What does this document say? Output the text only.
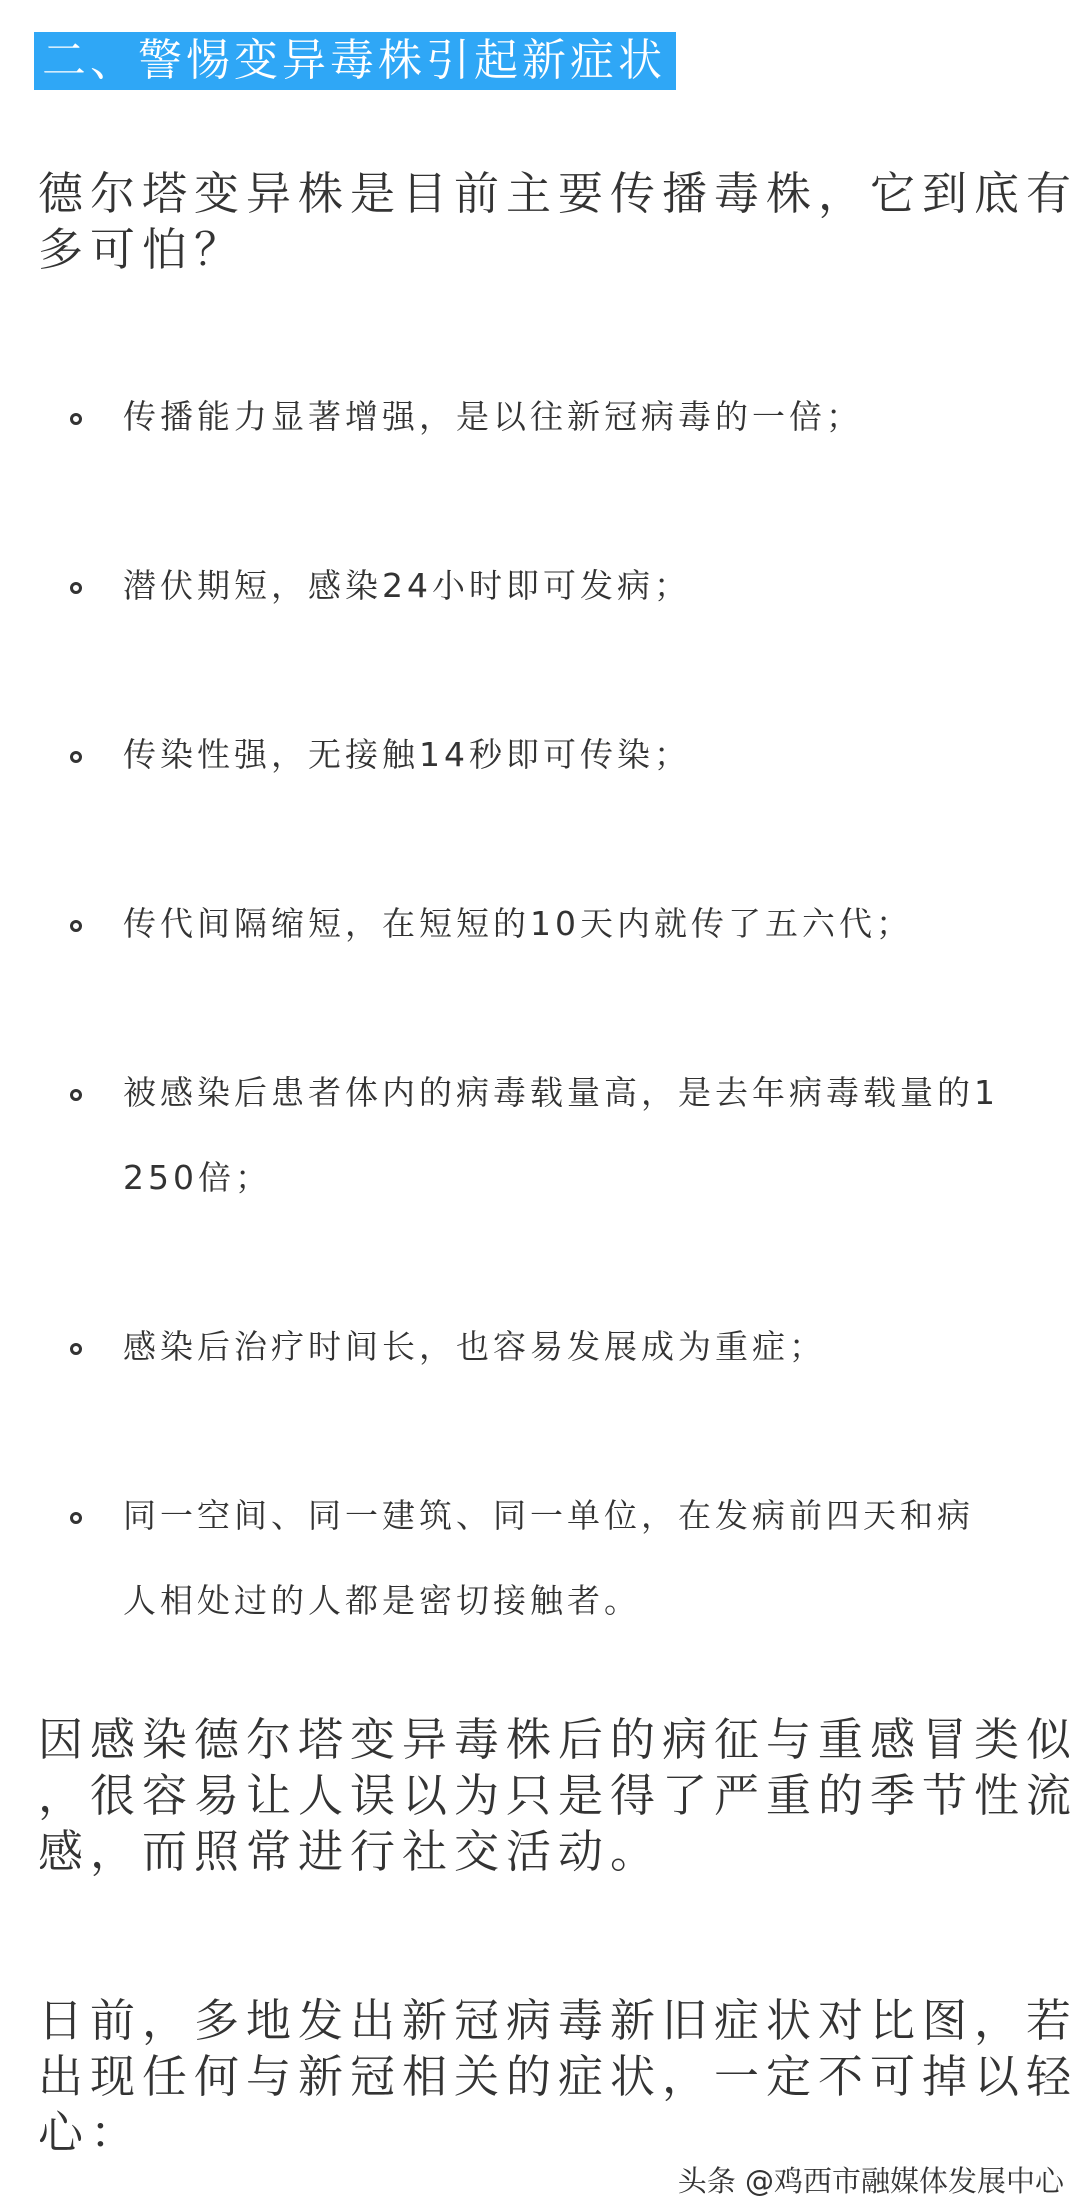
二、警惕变异毒株引起新症状

德尔塔变异株是目前主要传播毒株，它到底有
多可怕？

传播能力显著增强，是以往新冠病毒的一倍；
潜伏期短，感染24小时即可发病；
传染性强，无接触14秒即可传染；
传代间隔缩短，在短短的10天内就传了五六代；
被感染后患者体内的病毒载量高，是去年病毒载量的1
250倍；
感染后治疗时间长，也容易发展成为重症；
同一空间、同一建筑、同一单位，在发病前四天和病
人相处过的人都是密切接触者。

因感染德尔塔变异毒株后的病征与重感冒类似
，很容易让人误以为只是得了严重的季节性流
感，而照常进行社交活动。

日前，多地发出新冠病毒新旧症状对比图，若
出现任何与新冠相关的症状，一定不可掉以轻
心：

头条 @鸡西市融媒体发展中心
